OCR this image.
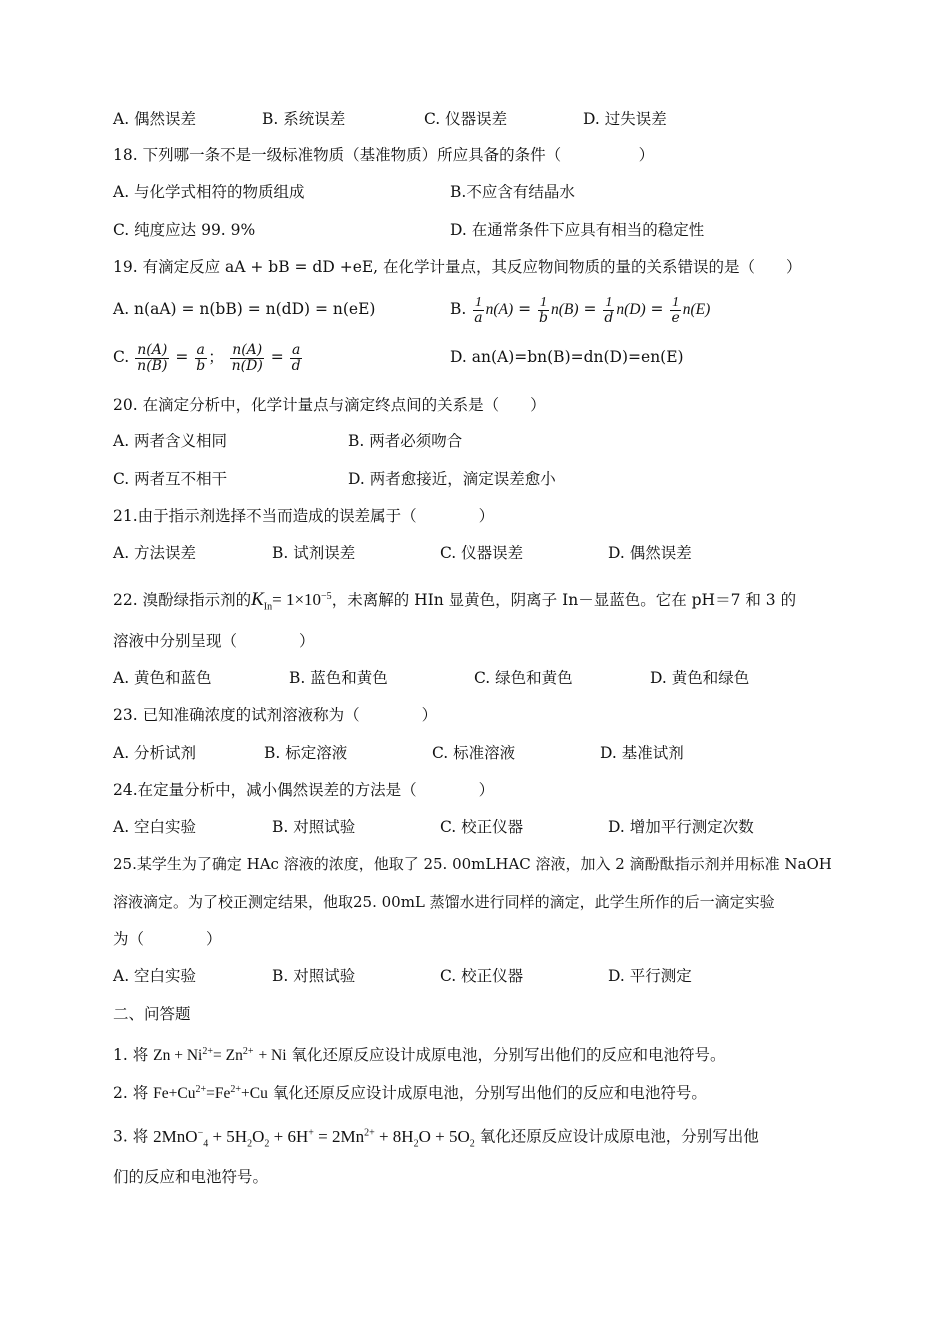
A. 偶然误差	B. 系统误差	C. 仪器误差	D. 过失误差
18. 下列哪一条不是一级标准物质（基准物质）所应具备的条件（　　　　　）
A. 与化学式相符的物质组成	B.不应含有结晶水
C. 纯度应达 99. 9%	D. 在通常条件下应具有相当的稳定性
19. 有滴定反应 aA + bB = dD +eE, 在化学计量点，其反应物间物质的量的关系错误的是（　　）
A. n(aA) = n(bB) = n(dD) = n(eE)	B. $\frac{1}{a} n(A) = \frac{1}{b} n(B) = \frac{1}{d} n(D) = \frac{1}{e} n(E)$
C. $\frac{n(A)}{n(B)} = \frac{a}{b}$ ； $\frac{n(A)}{n(D)} = \frac{a}{d}$	D. an(A)=bn(B)=dn(D)=en(E)
20. 在滴定分析中，化学计量点与滴定终点间的关系是（　　）
A. 两者含义相同	B. 两者必须吻合
C. 两者互不相干	D. 两者愈接近，滴定误差愈小
21.由于指示剂选择不当而造成的误差属于（　　　　）
A. 方法误差	B. 试剂误差	C. 仪器误差	D. 偶然误差
22. 溴酚绿指示剂的$K_{In}= 1\times 10^{-5}$，未离解的 HIn 显黄色，阴离子 In－显蓝色。它在 pH＝7 和 3 的
溶液中分别呈现（　　　　）
A. 黄色和蓝色	B. 蓝色和黄色	C. 绿色和黄色	D. 黄色和绿色
23. 已知准确浓度的试剂溶液称为（　　　　）
A. 分析试剂	B. 标定溶液	C. 标准溶液	D. 基准试剂
24.在定量分析中，减小偶然误差的方法是（　　　　）
A. 空白实验	B. 对照试验	C. 校正仪器	D. 增加平行测定次数
25.某学生为了确定 HAc 溶液的浓度，他取了 25. 00mLHAC 溶液，加入 2 滴酚酞指示剂并用标准 NaOH
溶液滴定。为了校正测定结果，他取25. 00mL 蒸馏水进行同样的滴定，此学生所作的后一滴定实验
为（　　　　）
A. 空白实验	B. 对照试验	C. 校正仪器	D. 平行测定
二、问答题
1. 将 $Zn + Ni^{2+}= Zn^{2+} + Ni$ 氧化还原反应设计成原电池，分别写出他们的反应和电池符号。
2. 将 $Fe+Cu^{2+}=Fe^{2+}+Cu$ 氧化还原反应设计成原电池，分别写出他们的反应和电池符号。
3. 将 $2MnO^-_4 + 5H_2O_2 + 6H^+ = 2Mn^{2+} + 8H_2O + 5O_2$ 氧化还原反应设计成原电池，分别写出他
们的反应和电池符号。
